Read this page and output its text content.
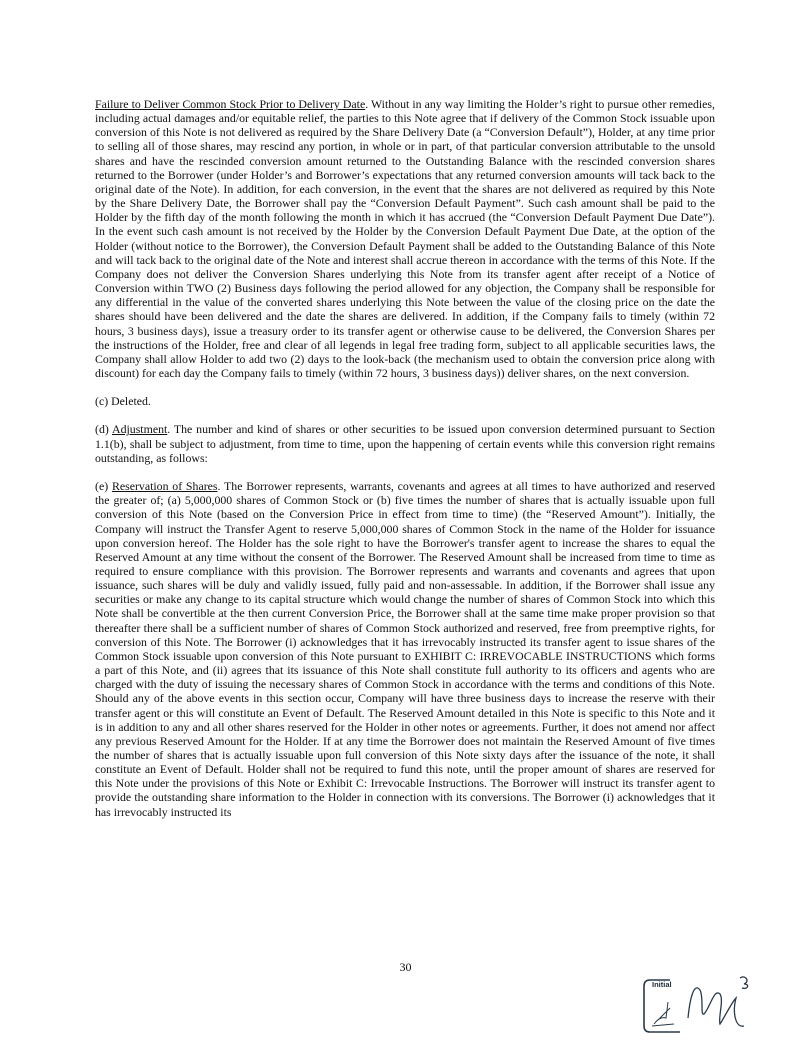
Failure to Deliver Common Stock Prior to Delivery Date. Without in any way limiting the Holder’s right to pursue other remedies, including actual damages and/or equitable relief, the parties to this Note agree that if delivery of the Common Stock issuable upon conversion of this Note is not delivered as required by the Share Delivery Date (a “Conversion Default”), Holder, at any time prior to selling all of those shares, may rescind any portion, in whole or in part, of that particular conversion attributable to the unsold shares and have the rescinded conversion amount returned to the Outstanding Balance with the rescinded conversion shares returned to the Borrower (under Holder’s and Borrower’s expectations that any returned conversion amounts will tack back to the original date of the Note). In addition, for each conversion, in the event that the shares are not delivered as required by this Note by the Share Delivery Date, the Borrower shall pay the “Conversion Default Payment”. Such cash amount shall be paid to the Holder by the fifth day of the month following the month in which it has accrued (the “Conversion Default Payment Due Date”). In the event such cash amount is not received by the Holder by the Conversion Default Payment Due Date, at the option of the Holder (without notice to the Borrower), the Conversion Default Payment shall be added to the Outstanding Balance of this Note and will tack back to the original date of the Note and interest shall accrue thereon in accordance with the terms of this Note. If the Company does not deliver the Conversion Shares underlying this Note from its transfer agent after receipt of a Notice of Conversion within TWO (2) Business days following the period allowed for any objection, the Company shall be responsible for any differential in the value of the converted shares underlying this Note between the value of the closing price on the date the shares should have been delivered and the date the shares are delivered. In addition, if the Company fails to timely (within 72 hours, 3 business days), issue a treasury order to its transfer agent or otherwise cause to be delivered, the Conversion Shares per the instructions of the Holder, free and clear of all legends in legal free trading form, subject to all applicable securities laws, the Company shall allow Holder to add two (2) days to the look-back (the mechanism used to obtain the conversion price along with discount) for each day the Company fails to timely (within 72 hours, 3 business days)) deliver shares, on the next conversion.

(c) Deleted.

(d) Adjustment. The number and kind of shares or other securities to be issued upon conversion determined pursuant to Section 1.1(b), shall be subject to adjustment, from time to time, upon the happening of certain events while this conversion right remains outstanding, as follows:

(e) Reservation of Shares. The Borrower represents, warrants, covenants and agrees at all times to have authorized and reserved the greater of; (a) 5,000,000 shares of Common Stock or (b) five times the number of shares that is actually issuable upon full conversion of this Note (based on the Conversion Price in effect from time to time) (the “Reserved Amount”). Initially, the Company will instruct the Transfer Agent to reserve 5,000,000 shares of Common Stock in the name of the Holder for issuance upon conversion hereof. The Holder has the sole right to have the Borrower's transfer agent to increase the shares to equal the Reserved Amount at any time without the consent of the Borrower. The Reserved Amount shall be increased from time to time as required to ensure compliance with this provision. The Borrower represents and warrants and covenants and agrees that upon issuance, such shares will be duly and validly issued, fully paid and non-assessable. In addition, if the Borrower shall issue any securities or make any change to its capital structure which would change the number of shares of Common Stock into which this Note shall be convertible at the then current Conversion Price, the Borrower shall at the same time make proper provision so that thereafter there shall be a sufficient number of shares of Common Stock authorized and reserved, free from preemptive rights, for conversion of this Note. The Borrower (i) acknowledges that it has irrevocably instructed its transfer agent to issue shares of the Common Stock issuable upon conversion of this Note pursuant to EXHIBIT C: IRREVOCABLE INSTRUCTIONS which forms a part of this Note, and (ii) agrees that its issuance of this Note shall constitute full authority to its officers and agents who are charged with the duty of issuing the necessary shares of Common Stock in accordance with the terms and conditions of this Note. Should any of the above events in this section occur, Company will have three business days to increase the reserve with their transfer agent or this will constitute an Event of Default. The Reserved Amount detailed in this Note is specific to this Note and it is in addition to any and all other shares reserved for the Holder in other notes or agreements. Further, it does not amend nor affect any previous Reserved Amount for the Holder. If at any time the Borrower does not maintain the Reserved Amount of five times the number of shares that is actually issuable upon full conversion of this Note sixty days after the issuance of the note, it shall constitute an Event of Default. Holder shall not be required to fund this note, until the proper amount of shares are reserved for this Note under the provisions of this Note or Exhibit C: Irrevocable Instructions. The Borrower will instruct its transfer agent to provide the outstanding share information to the Holder in connection with its conversions. The Borrower (i) acknowledges that it has irrevocably instructed its

30
Initial
